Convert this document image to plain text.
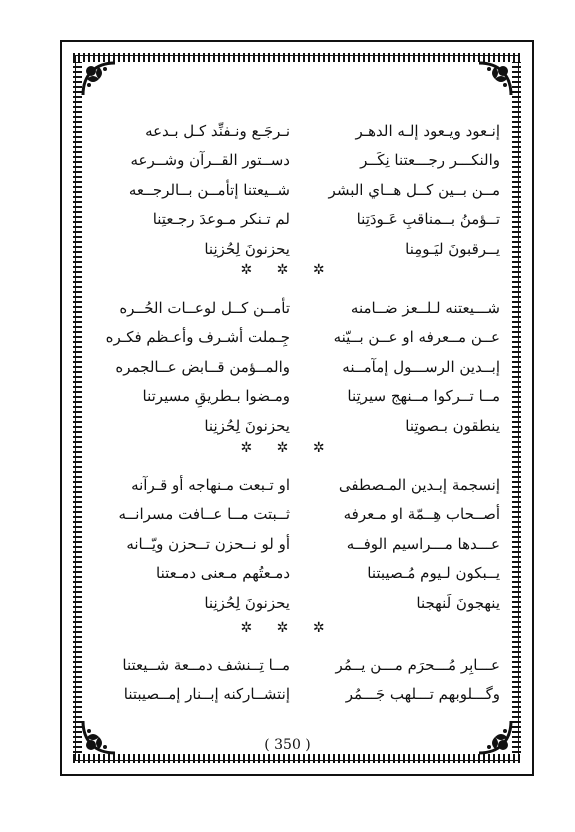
إنـعود ويـعود إلـه الدهـر
نـرجَـع ونـفنِّد كـل بـدعه
والنكـــر رجـــعتنا نِكَــر
دســتور القــرآن وشــرعه
مــن بــين كــل هــاي البشر
شــيعتنا إتأمــن بــالرجــعه
تــؤمنُ بــمناقبِ عَـودَتِنا
لم تـنكر مـوعدَ رجـعتِنا
يــرقبونَ ليَـومِنا
يحزنونَ لِحُزنِنا
✲ ✲ ✲
شـــيعتنه لـلــعز ضــامنه
تأمــن كــل لوعــات الحُــره
عــن مــعرفه او عــن بــيّنه
جِـملت أشـرف وأعـظم فكـره
إبــدين الرســـول إمآمــنه
والمــؤمن قــابض عــالجمره
مــا تــركوا مــنهج سيرتِنا
ومـضوا بـطريقِ مسيرتنا
ينطقون بـصوتِنا
يحزنونَ لِحُزنِنا
✲ ✲ ✲
إنسجمة إبـدين المـصطفى
او تـبعت مـنهاجه أو قـرآنه
أصــحاب هِــمّة او مـعرفه
ثــبتت مــا عــافت مسرانــه
عـــدها مـــراسيم الوفــه
أو لو نــحزن تــحزن ويّــانه
يــبكون لـيوم مُـصيبتنا
دمـعتُهم مـعنى دمـعتنا
ينهجونَ لَنهجنا
يحزنونَ لِحُزنِنا
✲ ✲ ✲
عـــابِر مُـــحرَم مـــن يــمُر
مــا تِــنشف دمــعة شــيعتنا
وگـــلوبهم تـــلهب جَـــمُر
إنتشــاركنه إبــنار إمــصيبتنا
( 350 )
